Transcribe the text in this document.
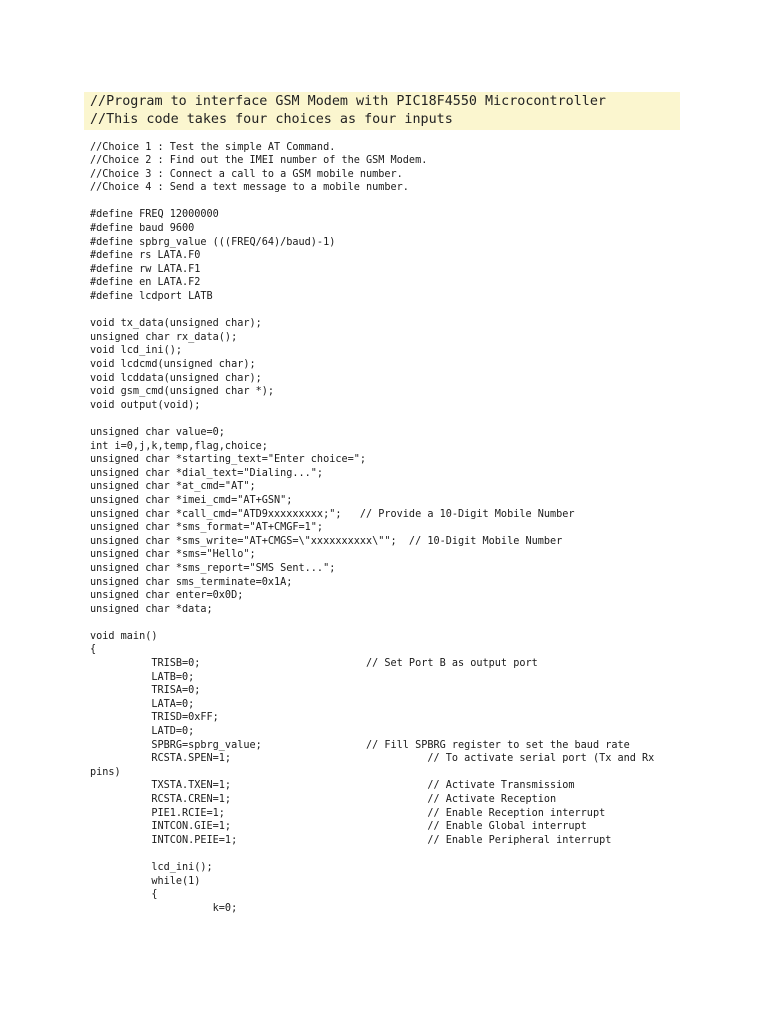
//Program to interface GSM Modem with PIC18F4550 Microcontroller
//This code takes four choices as four inputs
//Choice 1 : Test the simple AT Command.
//Choice 2 : Find out the IMEI number of the GSM Modem.
//Choice 3 : Connect a call to a GSM mobile number.
//Choice 4 : Send a text message to a mobile number.
#define FREQ 12000000
#define baud 9600
#define spbrg_value (((FREQ/64)/baud)-1)
#define rs LATA.F0
#define rw LATA.F1
#define en LATA.F2
#define lcdport LATB
void tx_data(unsigned char);
unsigned char rx_data();
void lcd_ini();
void lcdcmd(unsigned char);
void lcddata(unsigned char);
void gsm_cmd(unsigned char *);
void output(void);
unsigned char value=0;
int i=0,j,k,temp,flag,choice;
unsigned char *starting_text="Enter choice=";
unsigned char *dial_text="Dialing...";
unsigned char *at_cmd="AT";
unsigned char *imei_cmd="AT+GSN";
unsigned char *call_cmd="ATD9xxxxxxxxx;";   // Provide a 10-Digit Mobile Number
unsigned char *sms_format="AT+CMGF=1";
unsigned char *sms_write="AT+CMGS=\"xxxxxxxxxx\"";  // 10-Digit Mobile Number
unsigned char *sms="Hello";
unsigned char *sms_report="SMS Sent...";
unsigned char sms_terminate=0x1A;
unsigned char enter=0x0D;
unsigned char *data;
void main()
{
TRISB=0;                           // Set Port B as output port
LATB=0;
TRISA=0;
LATA=0;
TRISD=0xFF;
LATD=0;
SPBRG=spbrg_value;                 // Fill SPBRG register to set the baud rate
RCSTA.SPEN=1;                                // To activate serial port (Tx and Rx
pins)
TXSTA.TXEN=1;                                // Activate Transmissiom
RCSTA.CREN=1;                                // Activate Reception
PIE1.RCIE=1;                                 // Enable Reception interrupt
INTCON.GIE=1;                                // Enable Global interrupt
INTCON.PEIE=1;                               // Enable Peripheral interrupt
lcd_ini();
while(1)
{
k=0;
